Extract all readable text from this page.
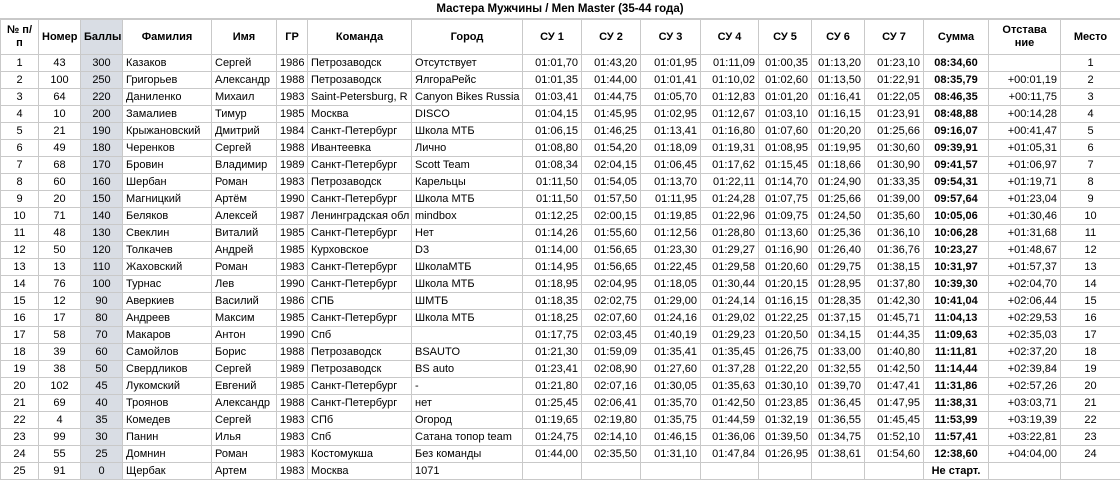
Мастера Мужчины / Men Master (35-44 года)
№ п/п	Номер	Баллы	Фамилия	Имя	ГР	Команда	Город	СУ 1	СУ 2	СУ 3	СУ 4	СУ 5	СУ 6	СУ 7	Сумма	Отстава ние	Место
1	43	300	Казаков	Сергей	1986	Петрозаводск	Отсутствует	01:01,70	01:43,20	01:01,95	01:11,09	01:00,35	01:13,20	01:23,10	08:34,60		1
2	100	250	Григорьев	Александр	1988	Петрозаводск	ЯлгораРейс	01:01,35	01:44,00	01:01,41	01:10,02	01:02,60	01:13,50	01:22,91	08:35,79	+00:01,19	2
3	64	220	Даниленко	Михаил	1983	Saint-Petersburg, R	Canyon Bikes Russia	01:03,41	01:44,75	01:05,70	01:12,83	01:01,20	01:16,41	01:22,05	08:46,35	+00:11,75	3
4	10	200	Замалиев	Тимур	1985	Москва	DISCO	01:04,15	01:45,95	01:02,95	01:12,67	01:03,10	01:16,15	01:23,91	08:48,88	+00:14,28	4
5	21	190	Крыжановский	Дмитрий	1984	Санкт-Петербург	Школа МТБ	01:06,15	01:46,25	01:13,41	01:16,80	01:07,60	01:20,20	01:25,66	09:16,07	+00:41,47	5
6	49	180	Черенков	Сергей	1988	Ивантеевка	Лично	01:08,80	01:54,20	01:18,09	01:19,31	01:08,95	01:19,95	01:30,60	09:39,91	+01:05,31	6
7	68	170	Бровин	Владимир	1989	Санкт-Петербург	Scott Team	01:08,34	02:04,15	01:06,45	01:17,62	01:15,45	01:18,66	01:30,90	09:41,57	+01:06,97	7
8	60	160	Шербан	Роман	1983	Петрозаводск	Карельцы	01:11,50	01:54,05	01:13,70	01:22,11	01:14,70	01:24,90	01:33,35	09:54,31	+01:19,71	8
9	20	150	Магницкий	Артём	1990	Санкт-Петербург	Школа МТБ	01:11,50	01:57,50	01:11,95	01:24,28	01:07,75	01:25,66	01:39,00	09:57,64	+01:23,04	9
10	71	140	Беляков	Алексей	1987	Ленинградская обл	mindbox	01:12,25	02:00,15	01:19,85	01:22,96	01:09,75	01:24,50	01:35,60	10:05,06	+01:30,46	10
11	48	130	Свеклин	Виталий	1985	Санкт-Петербург	Нет	01:14,26	01:55,60	01:12,56	01:28,80	01:13,60	01:25,36	01:36,10	10:06,28	+01:31,68	11
12	50	120	Толкачев	Андрей	1985	Курховское	D3	01:14,00	01:56,65	01:23,30	01:29,27	01:16,90	01:26,40	01:36,76	10:23,27	+01:48,67	12
13	13	110	Жаховский	Роман	1983	Санкт-Петербург	ШколаМТБ	01:14,95	01:56,65	01:22,45	01:29,58	01:20,60	01:29,75	01:38,15	10:31,97	+01:57,37	13
14	76	100	Турнас	Лев	1990	Санкт-Петербург	Школа МТБ	01:18,95	02:04,95	01:18,05	01:30,44	01:20,15	01:28,95	01:37,80	10:39,30	+02:04,70	14
15	12	90	Аверкиев	Василий	1986	СПБ	ШМТБ	01:18,35	02:02,75	01:29,00	01:24,14	01:16,15	01:28,35	01:42,30	10:41,04	+02:06,44	15
16	17	80	Андреев	Максим	1985	Санкт-Петербург	Школа МТБ	01:18,25	02:07,60	01:24,16	01:29,02	01:22,25	01:37,15	01:45,71	11:04,13	+02:29,53	16
17	58	70	Макаров	Антон	1990	Спб		01:17,75	02:03,45	01:40,19	01:29,23	01:20,50	01:34,15	01:44,35	11:09,63	+02:35,03	17
18	39	60	Самойлов	Борис	1988	Петрозаводск	BSAUTO	01:21,30	01:59,09	01:35,41	01:35,45	01:26,75	01:33,00	01:40,80	11:11,81	+02:37,20	18
19	38	50	Свердликов	Сергей	1989	Петрозаводск	BS auto	01:23,41	02:08,90	01:27,60	01:37,28	01:22,20	01:32,55	01:42,50	11:14,44	+02:39,84	19
20	102	45	Лукомский	Евгений	1985	Санкт-Петербург	-	01:21,80	02:07,16	01:30,05	01:35,63	01:30,10	01:39,70	01:47,41	11:31,86	+02:57,26	20
21	69	40	Троянов	Александр	1988	Санкт-Петербург	нет	01:25,45	02:06,41	01:35,70	01:42,50	01:23,85	01:36,45	01:47,95	11:38,31	+03:03,71	21
22	4	35	Комедев	Сергей	1983	СПб	Огород	01:19,65	02:19,80	01:35,75	01:44,59	01:32,19	01:36,55	01:45,45	11:53,99	+03:19,39	22
23	99	30	Панин	Илья	1983	Спб	Сатана топор team	01:24,75	02:14,10	01:46,15	01:36,06	01:39,50	01:34,75	01:52,10	11:57,41	+03:22,81	23
24	55	25	Домнин	Роман	1983	Костомукша	Без команды	01:44,00	02:35,50	01:31,10	01:47,84	01:26,95	01:38,61	01:54,60	12:38,60	+04:04,00	24
25	91	0	Щербак	Артем	1983	Москва	1071								Не старт.		
